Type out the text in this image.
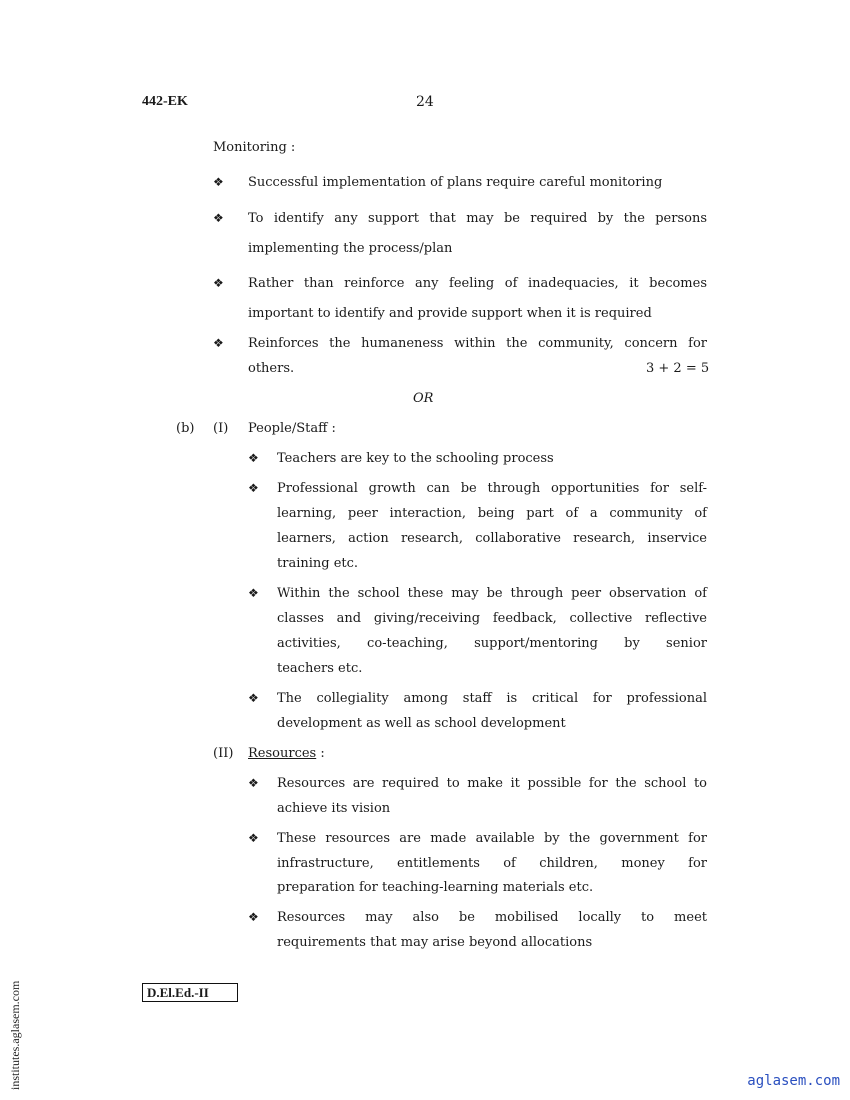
442-EK	24
Monitoring :
❖ Successful implementation of plans require careful monitoring
❖ To identify any support that may be required by the persons
implementing the process/plan
❖ Rather than reinforce any feeling of inadequacies, it becomes
important to identify and provide support when it is required
❖ Reinforces the humaneness within the community, concern for
others.	3 + 2 = 5
OR
(b) (I) People/Staff :
❖ Teachers are key to the schooling process
❖ Professional growth can be through opportunities for self-
learning, peer interaction, being part of a community of
learners, action research, collaborative research, inservice
training etc.
❖ Within the school these may be through peer observation of
classes and giving/receiving feedback, collective reflective
activities, co-teaching, support/mentoring by senior
teachers etc.
❖ The collegiality among staff is critical for professional
development as well as school development
(II) Resources :
❖ Resources are required to make it possible for the school to
achieve its vision
❖ These resources are made available by the government for
infrastructure, entitlements of children, money for
preparation for teaching-learning materials etc.
❖ Resources may also be mobilised locally to meet
requirements that may arise beyond allocations
D.El.Ed.-II
institutes.aglasem.com	aglasem.com
